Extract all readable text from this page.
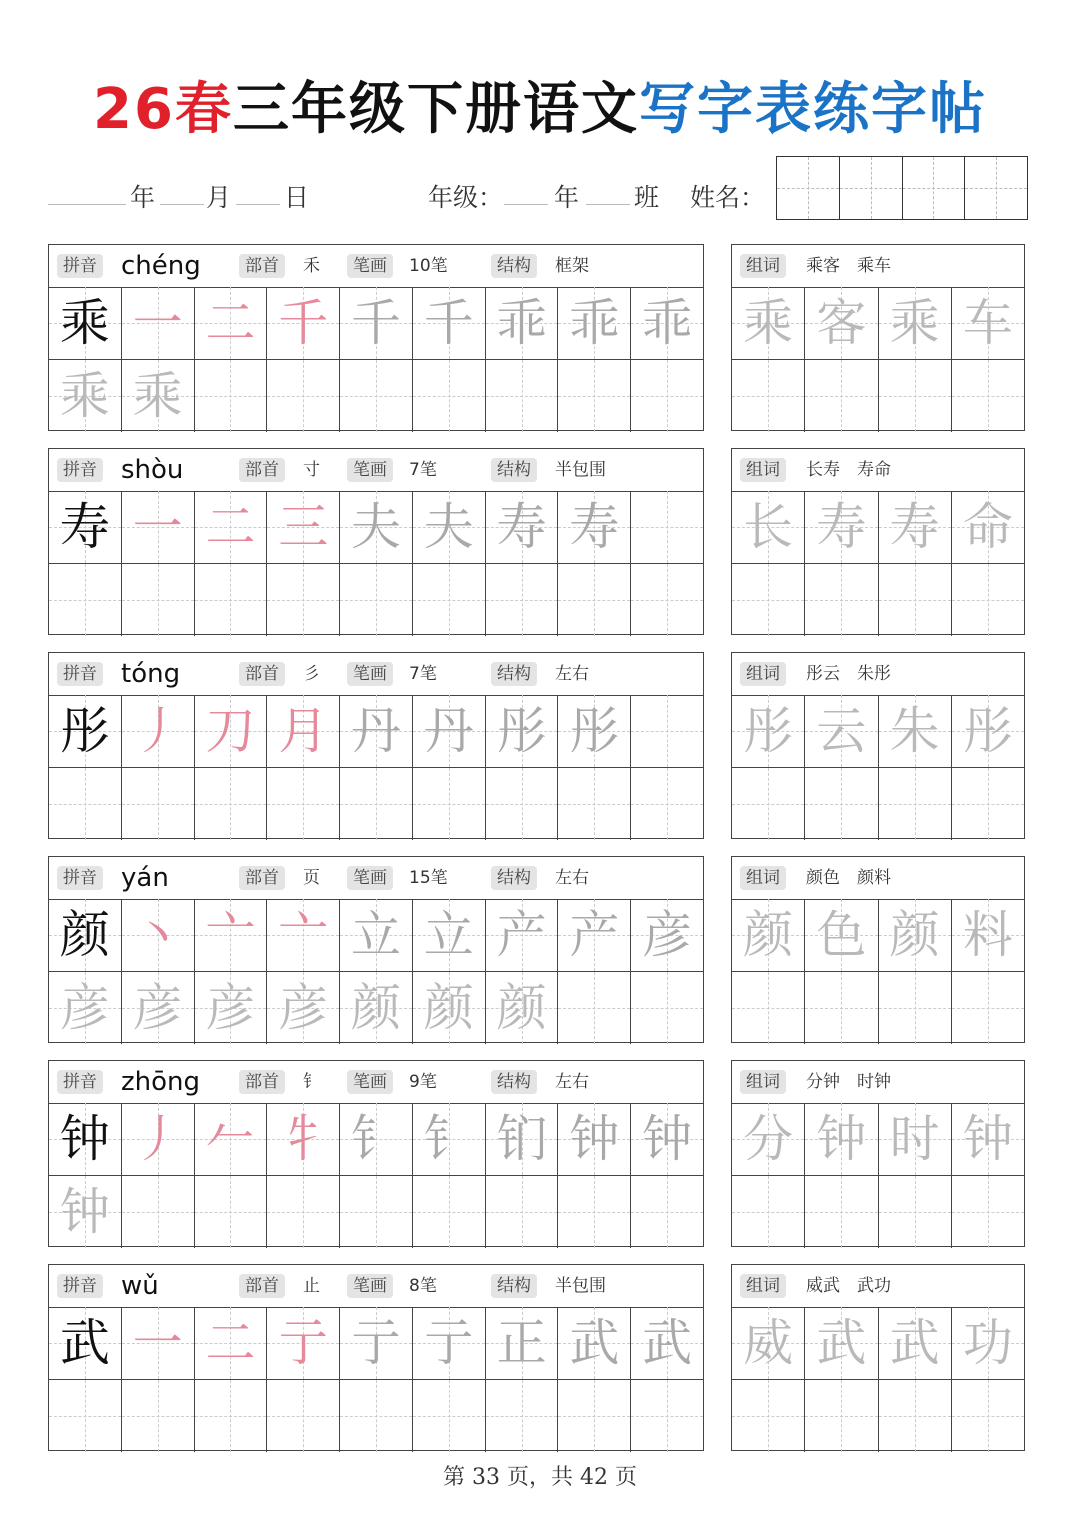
26春三年级下册语文写字表练字帖
年 月 日	年级： 年 班 姓名：
拼音 chéng	部首	禾	笔画	10笔	结构	框架
乘 一 二 千 千 千 乖 乖 乖
乘 乘
组词	乘客　乘车
乘 客 乘 车
拼音 shòu	部首	寸	笔画	7笔	结构	半包围
寿 一 二 三 夫 夫 寿 寿
组词	长寿　寿命
长 寿 寿 命
拼音 tóng	部首	彡	笔画	7笔	结构	左右
彤 丿 刀 月 丹 丹 彤 彤
组词	彤云　朱彤
彤 云 朱 彤
拼音 yán	部首	页	笔画	15笔	结构	左右
颜 丶 亠 亠 立 立 产 产 彦
彦 彦 彦 彦 颜 颜 颜
组词	颜色　颜料
颜 色 颜 料
拼音 zhōng	部首	钅	笔画	9笔	结构	左右
钟 丿 𠂉 牜 钅 钅 钔 钟 钟
钟
组词	分钟　时钟
分 钟 时 钟
拼音 wǔ	部首	止	笔画	8笔	结构	半包围
武 一 二 亍 亍 亍 正 武 武
组词	威武　武功
威 武 武 功
第 33 页，共 42 页
